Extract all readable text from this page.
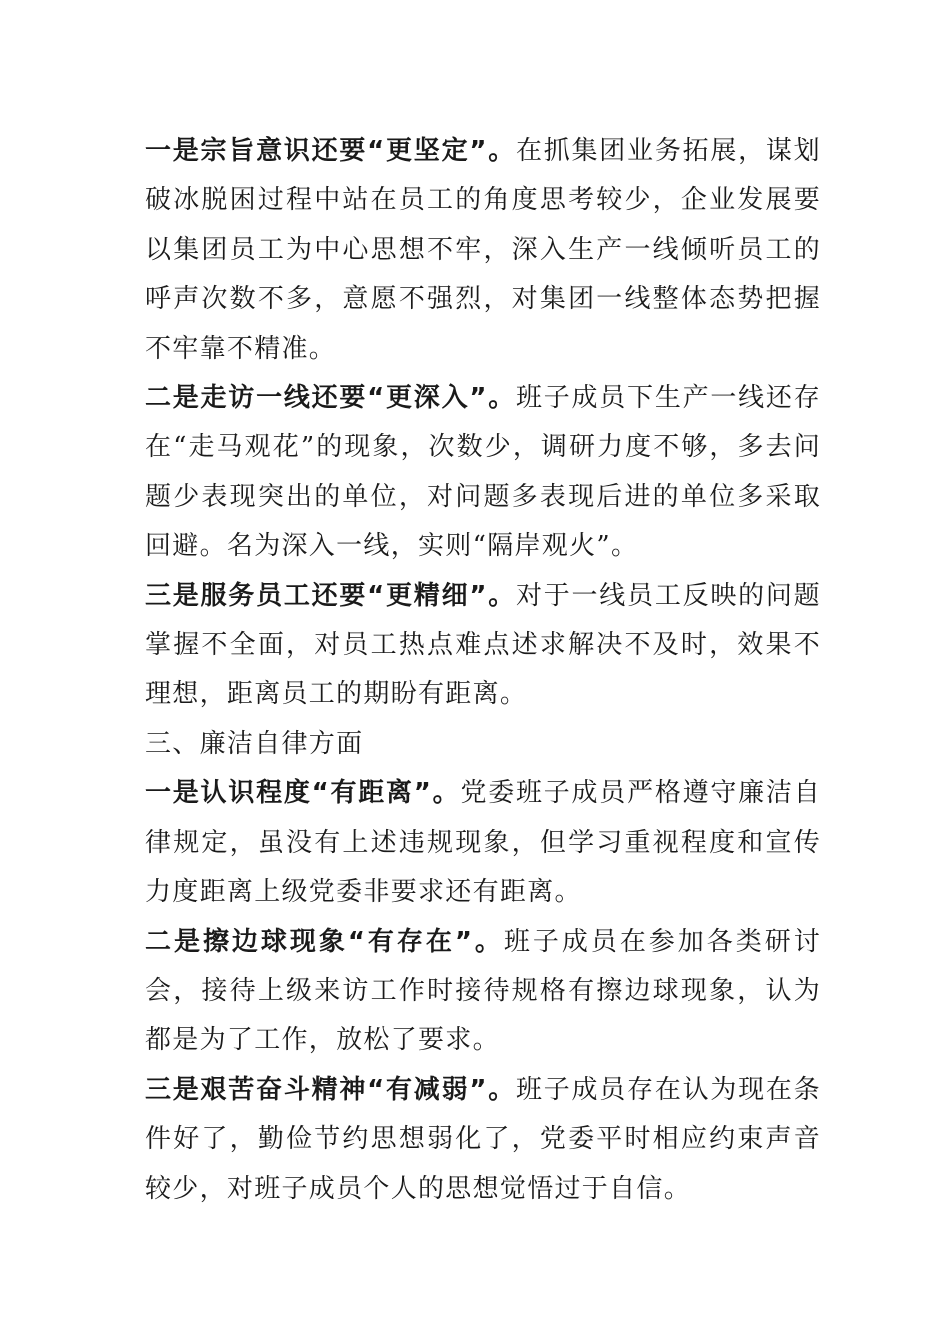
一是宗旨意识还要“更坚定”。在抓集团业务拓展，谋划破冰脱困过程中站在员工的角度思考较少，企业发展要以集团员工为中心思想不牢，深入生产一线倾听员工的呼声次数不多，意愿不强烈，对集团一线整体态势把握不牢靠不精准。

二是走访一线还要“更深入”。班子成员下生产一线还存在“走马观花”的现象，次数少，调研力度不够，多去问题少表现突出的单位，对问题多表现后进的单位多采取回避。名为深入一线，实则“隔岸观火”。

三是服务员工还要“更精细”。对于一线员工反映的问题掌握不全面，对员工热点难点述求解决不及时，效果不理想，距离员工的期盼有距离。

三、廉洁自律方面

一是认识程度“有距离”。党委班子成员严格遵守廉洁自律规定，虽没有上述违规现象，但学习重视程度和宣传力度距离上级党委非要求还有距离。

二是擦边球现象“有存在”。班子成员在参加各类研讨会，接待上级来访工作时接待规格有擦边球现象，认为都是为了工作，放松了要求。

三是艰苦奋斗精神“有减弱”。班子成员存在认为现在条件好了，勤俭节约思想弱化了，党委平时相应约束声音较少，对班子成员个人的思想觉悟过于自信。
